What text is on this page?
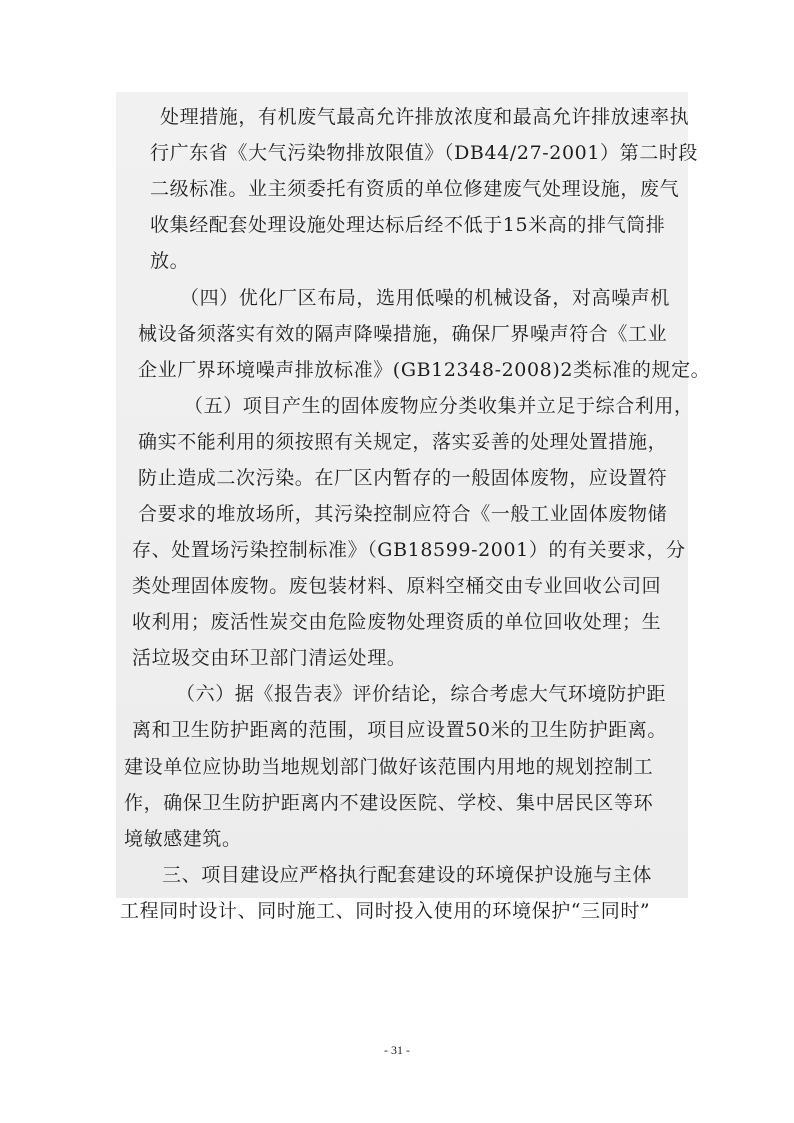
处理措施，有机废气最高允许排放浓度和最高允许排放速率执
行广东省《大气污染物排放限值》（DB44/27-2001）第二时段
二级标准。业主须委托有资质的单位修建废气处理设施，废气
收集经配套处理设施处理达标后经不低于15米高的排气筒排
放。
（四）优化厂区布局，选用低噪的机械设备，对高噪声机
械设备须落实有效的隔声降噪措施，确保厂界噪声符合《工业
企业厂界环境噪声排放标准》(GB12348-2008)2类标准的规定。
（五）项目产生的固体废物应分类收集并立足于综合利用，
确实不能利用的须按照有关规定，落实妥善的处理处置措施，
防止造成二次污染。在厂区内暂存的一般固体废物，应设置符
合要求的堆放场所，其污染控制应符合《一般工业固体废物储
存、处置场污染控制标准》（GB18599-2001）的有关要求，分
类处理固体废物。废包装材料、原料空桶交由专业回收公司回
收利用；废活性炭交由危险废物处理资质的单位回收处理；生
活垃圾交由环卫部门清运处理。
（六）据《报告表》评价结论，综合考虑大气环境防护距
离和卫生防护距离的范围，项目应设置50米的卫生防护距离。
建设单位应协助当地规划部门做好该范围内用地的规划控制工
作，确保卫生防护距离内不建设医院、学校、集中居民区等环
境敏感建筑。
三、项目建设应严格执行配套建设的环境保护设施与主体
工程同时设计、同时施工、同时投入使用的环境保护“三同时”
- 31 -
